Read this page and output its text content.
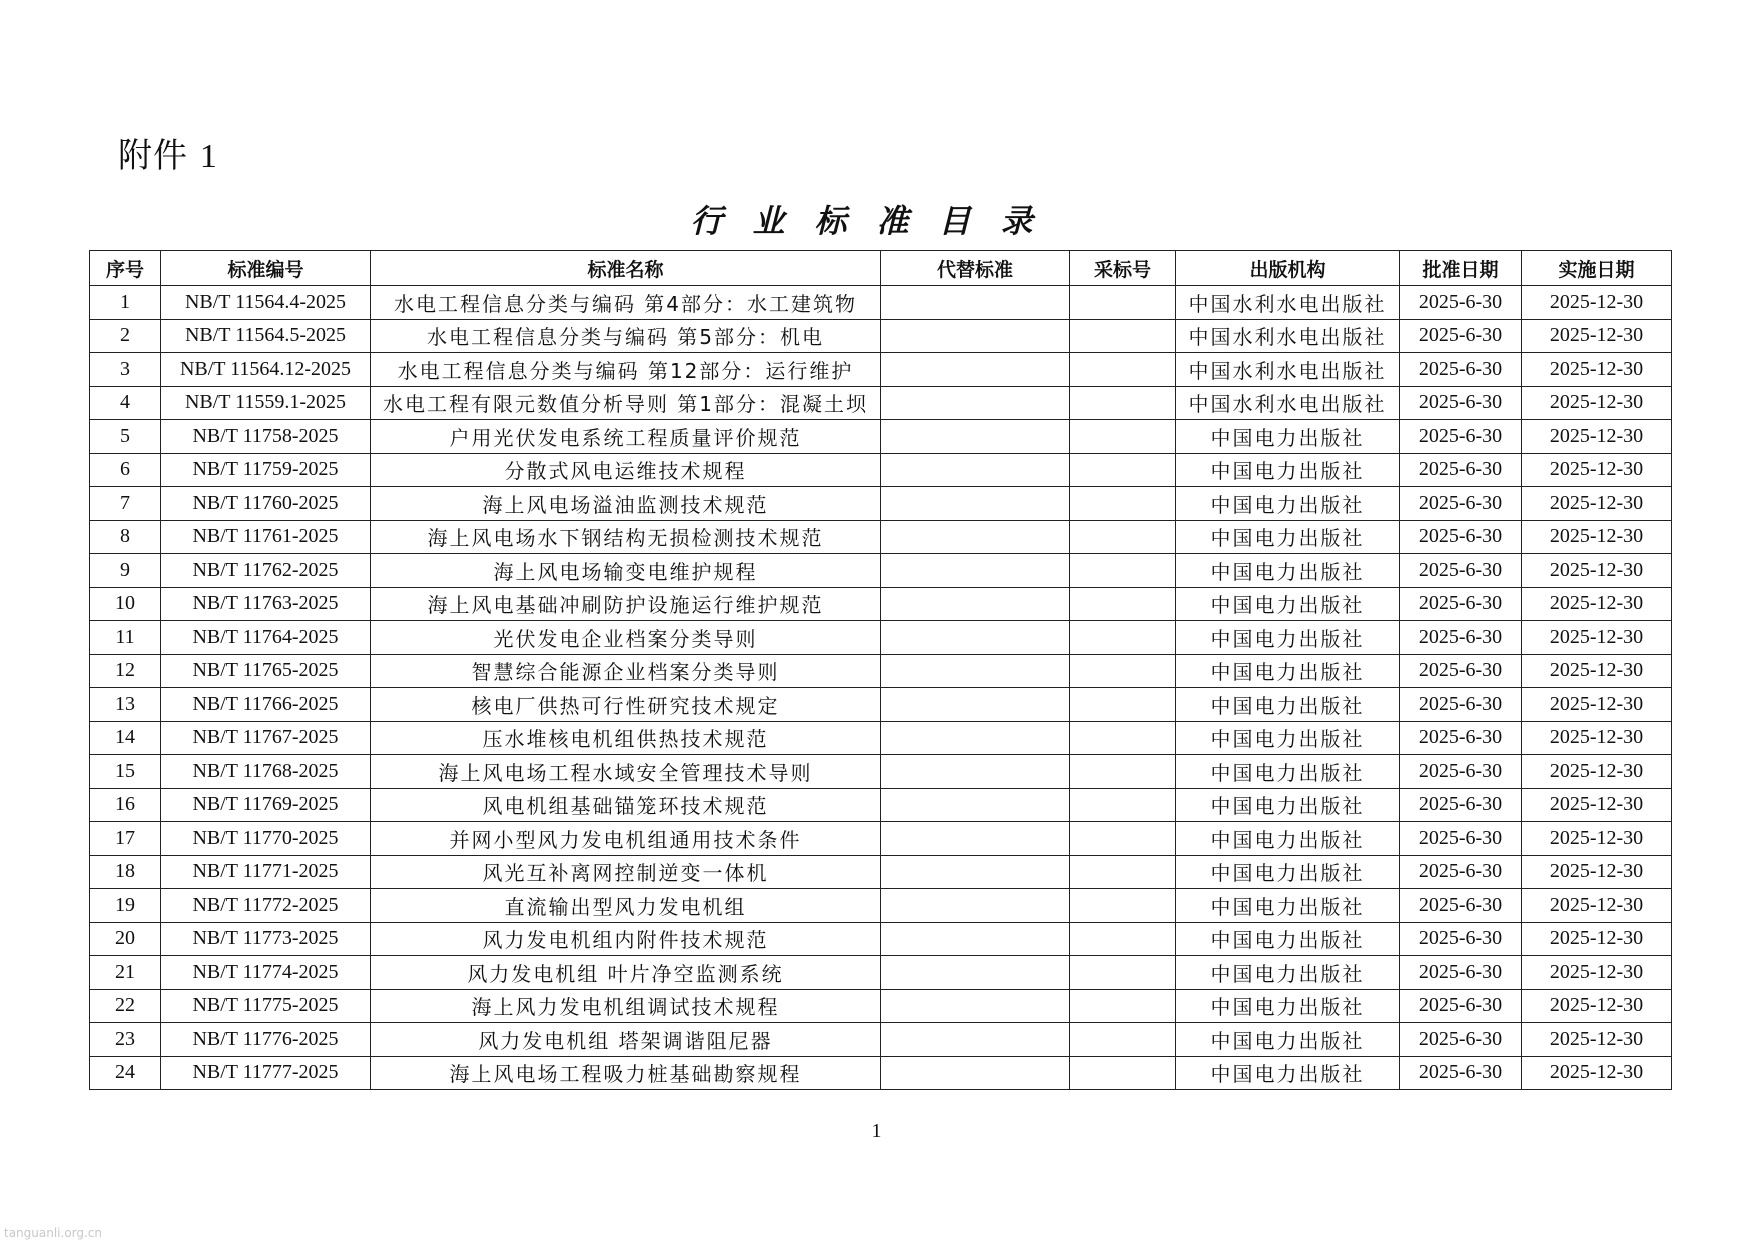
附件 1
行业标准目录
序号	标准编号	标准名称	代替标准	采标号	出版机构	批准日期	实施日期
1	NB/T 11564.4-2025	水电工程信息分类与编码 第4部分：水工建筑物			中国水利水电出版社	2025-6-30	2025-12-30
2	NB/T 11564.5-2025	水电工程信息分类与编码 第5部分：机电			中国水利水电出版社	2025-6-30	2025-12-30
3	NB/T 11564.12-2025	水电工程信息分类与编码 第12部分：运行维护			中国水利水电出版社	2025-6-30	2025-12-30
4	NB/T 11559.1-2025	水电工程有限元数值分析导则 第1部分：混凝土坝			中国水利水电出版社	2025-6-30	2025-12-30
5	NB/T 11758-2025	户用光伏发电系统工程质量评价规范			中国电力出版社	2025-6-30	2025-12-30
6	NB/T 11759-2025	分散式风电运维技术规程			中国电力出版社	2025-6-30	2025-12-30
7	NB/T 11760-2025	海上风电场溢油监测技术规范			中国电力出版社	2025-6-30	2025-12-30
8	NB/T 11761-2025	海上风电场水下钢结构无损检测技术规范			中国电力出版社	2025-6-30	2025-12-30
9	NB/T 11762-2025	海上风电场输变电维护规程			中国电力出版社	2025-6-30	2025-12-30
10	NB/T 11763-2025	海上风电基础冲刷防护设施运行维护规范			中国电力出版社	2025-6-30	2025-12-30
11	NB/T 11764-2025	光伏发电企业档案分类导则			中国电力出版社	2025-6-30	2025-12-30
12	NB/T 11765-2025	智慧综合能源企业档案分类导则			中国电力出版社	2025-6-30	2025-12-30
13	NB/T 11766-2025	核电厂供热可行性研究技术规定			中国电力出版社	2025-6-30	2025-12-30
14	NB/T 11767-2025	压水堆核电机组供热技术规范			中国电力出版社	2025-6-30	2025-12-30
15	NB/T 11768-2025	海上风电场工程水域安全管理技术导则			中国电力出版社	2025-6-30	2025-12-30
16	NB/T 11769-2025	风电机组基础锚笼环技术规范			中国电力出版社	2025-6-30	2025-12-30
17	NB/T 11770-2025	并网小型风力发电机组通用技术条件			中国电力出版社	2025-6-30	2025-12-30
18	NB/T 11771-2025	风光互补离网控制逆变一体机			中国电力出版社	2025-6-30	2025-12-30
19	NB/T 11772-2025	直流输出型风力发电机组			中国电力出版社	2025-6-30	2025-12-30
20	NB/T 11773-2025	风力发电机组内附件技术规范			中国电力出版社	2025-6-30	2025-12-30
21	NB/T 11774-2025	风力发电机组 叶片净空监测系统			中国电力出版社	2025-6-30	2025-12-30
22	NB/T 11775-2025	海上风力发电机组调试技术规程			中国电力出版社	2025-6-30	2025-12-30
23	NB/T 11776-2025	风力发电机组 塔架调谐阻尼器			中国电力出版社	2025-6-30	2025-12-30
24	NB/T 11777-2025	海上风电场工程吸力桩基础勘察规程			中国电力出版社	2025-6-30	2025-12-30
1
tanguanli.org.cn
